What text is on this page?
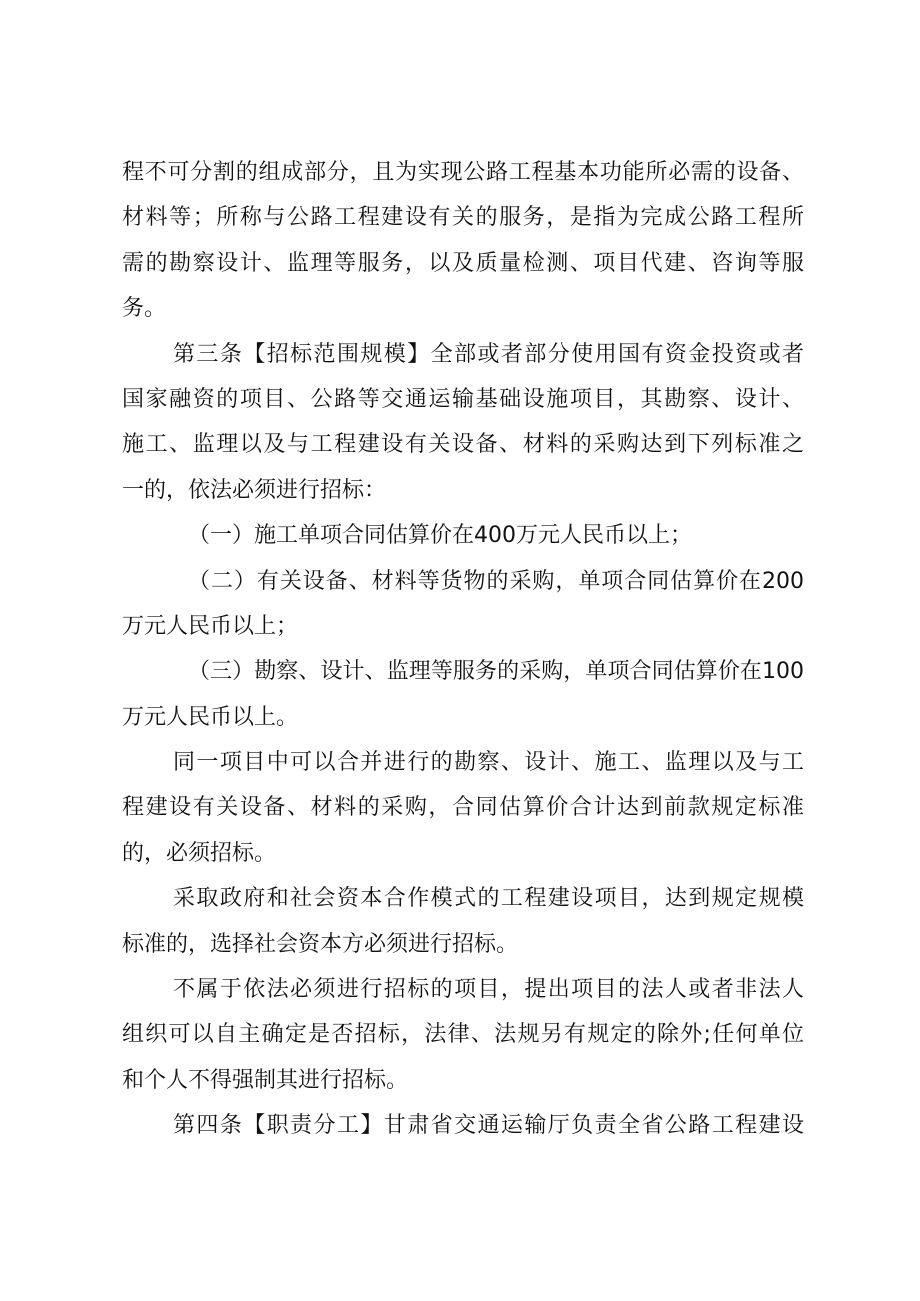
程不可分割的组成部分，且为实现公路工程基本功能所必需的设备、
材料等；所称与公路工程建设有关的服务，是指为完成公路工程所
需的勘察设计、监理等服务，以及质量检测、项目代建、咨询等服
务。
第三条【招标范围规模】全部或者部分使用国有资金投资或者
国家融资的项目、公路等交通运输基础设施项目，其勘察、设计、
施工、监理以及与工程建设有关设备、材料的采购达到下列标准之
一的，依法必须进行招标：
（一）施工单项合同估算价在400万元人民币以上；
（二）有关设备、材料等货物的采购，单项合同估算价在200
万元人民币以上；
（三）勘察、设计、监理等服务的采购，单项合同估算价在100
万元人民币以上。
同一项目中可以合并进行的勘察、设计、施工、监理以及与工
程建设有关设备、材料的采购，合同估算价合计达到前款规定标准
的，必须招标。
采取政府和社会资本合作模式的工程建设项目，达到规定规模
标准的，选择社会资本方必须进行招标。
不属于依法必须进行招标的项目，提出项目的法人或者非法人
组织可以自主确定是否招标，法律、法规另有规定的除外;任何单位
和个人不得强制其进行招标。
第四条【职责分工】甘肃省交通运输厅负责全省公路工程建设
